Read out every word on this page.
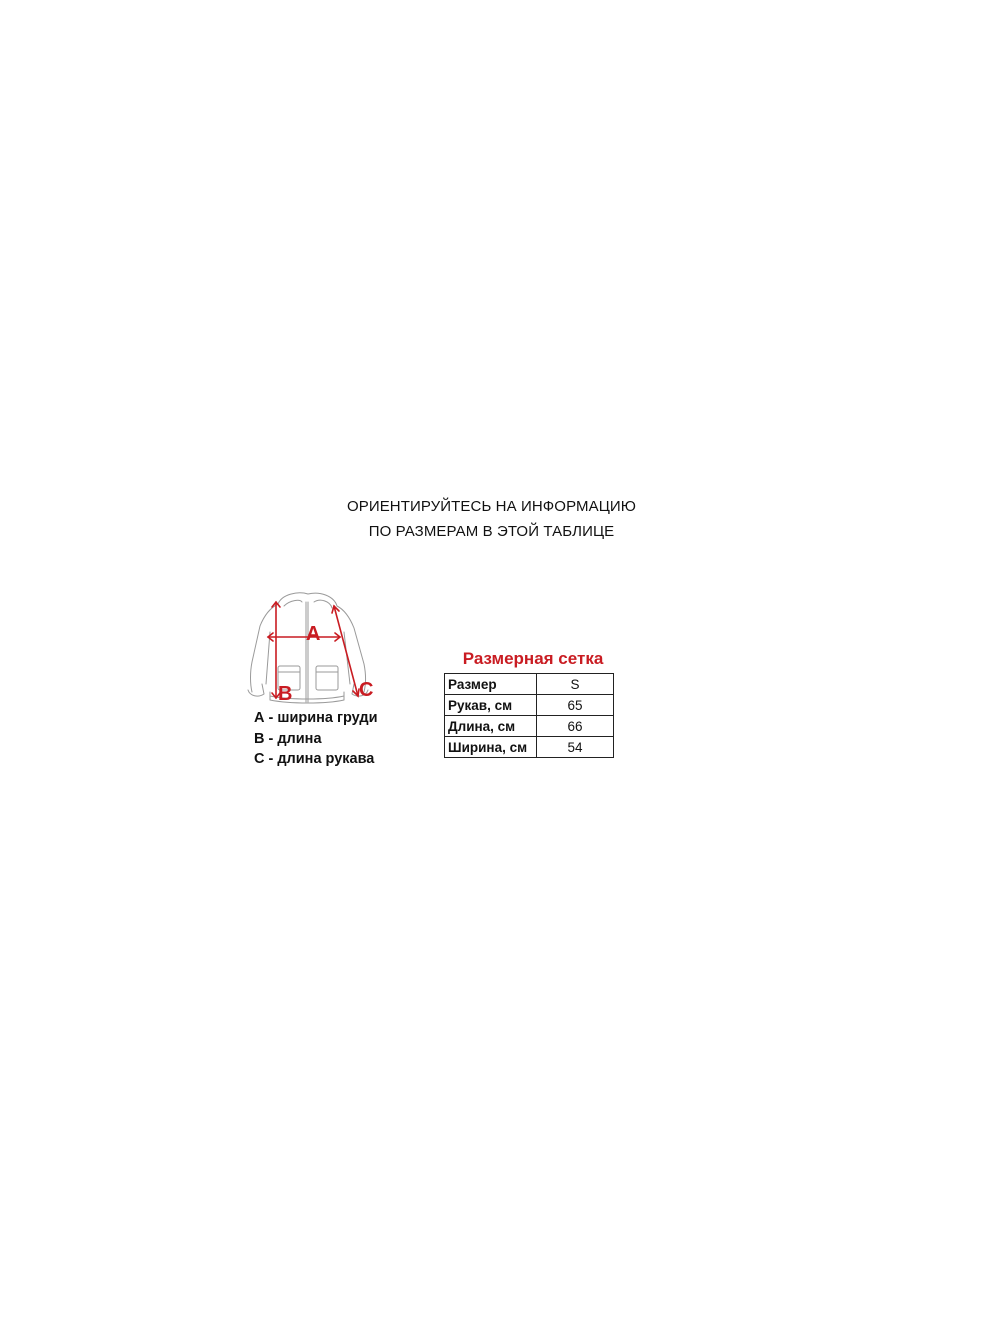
ОРИЕНТИРУЙТЕСЬ НА ИНФОРМАЦИЮ
ПО РАЗМЕРАМ В ЭТОЙ ТАБЛИЦЕ
A
B	C
А - ширина груди
В - длина
С - длина рукава
Размерная сетка
Размер	S
Рукав, см	65
Длина, см	66
Ширина, см	54
